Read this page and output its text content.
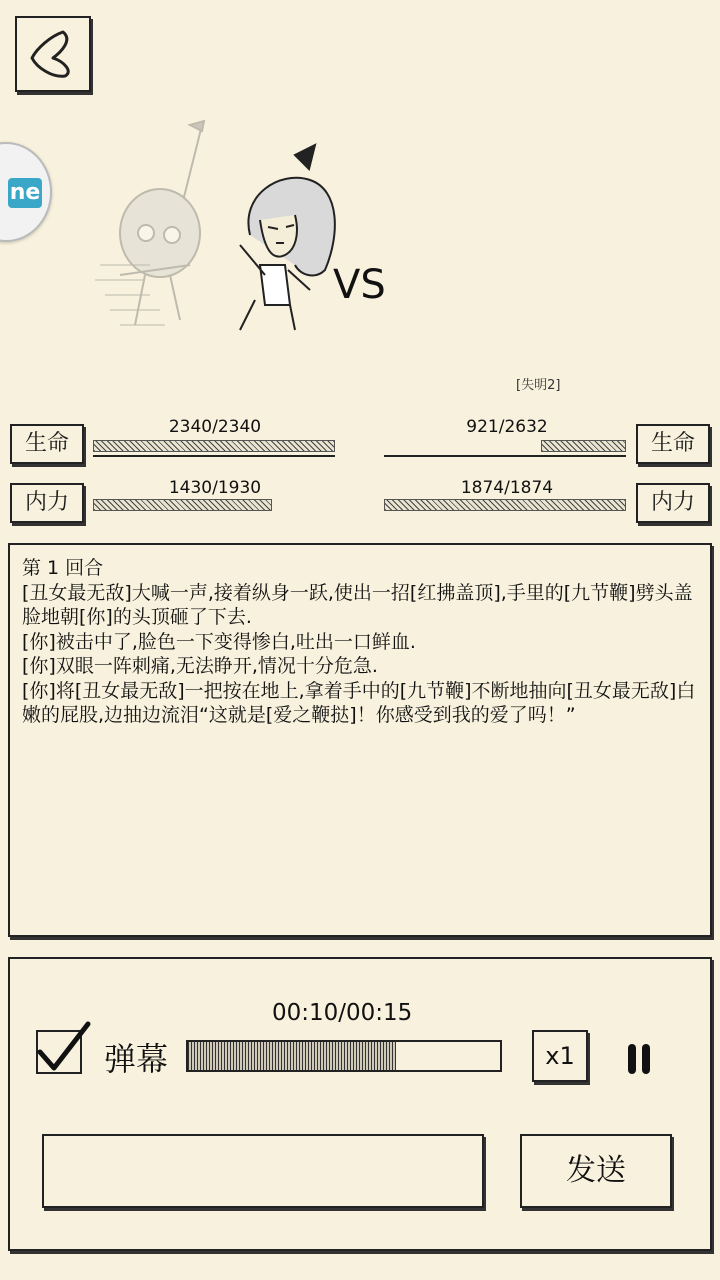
ne
VS
[失明2]
生命
2340/2340
生命
921/2632
内力
1430/1930
内力
1874/1874
第 1 回合
[丑女最无敌]大喊一声,接着纵身一跃,使出一招[红拂盖顶],手里的[九节鞭]劈头盖脸地朝[你]的头顶砸了下去.
[你]被击中了,脸色一下变得惨白,吐出一口鲜血.
[你]双眼一阵刺痛,无法睁开,情况十分危急.
[你]将[丑女最无敌]一把按在地上,拿着手中的[九节鞭]不断地抽向[丑女最无敌]白嫩的屁股,边抽边流泪“这就是[爱之鞭挞]！你感受到我的爱了吗！”
00:10/00:15
弹幕	x1
发送
